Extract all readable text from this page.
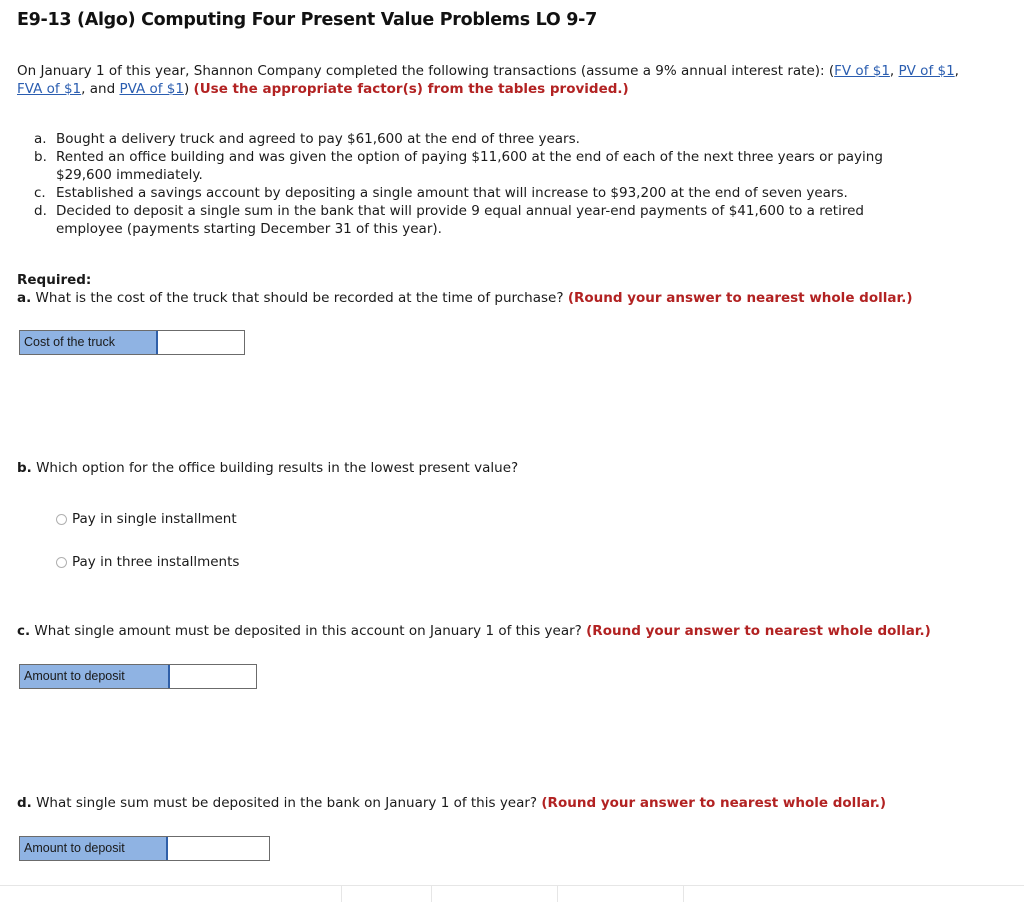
E9-13 (Algo) Computing Four Present Value Problems LO 9-7
On January 1 of this year, Shannon Company completed the following transactions (assume a 9% annual interest rate): (FV of $1, PV of $1, FVA of $1, and PVA of $1) (Use the appropriate factor(s) from the tables provided.)
a. Bought a delivery truck and agreed to pay $61,600 at the end of three years.
b. Rented an office building and was given the option of paying $11,600 at the end of each of the next three years or paying $29,600 immediately.
c. Established a savings account by depositing a single amount that will increase to $93,200 at the end of seven years.
d. Decided to deposit a single sum in the bank that will provide 9 equal annual year-end payments of $41,600 to a retired employee (payments starting December 31 of this year).
Required:
a. What is the cost of the truck that should be recorded at the time of purchase? (Round your answer to nearest whole dollar.)
Cost of the truck
b. Which option for the office building results in the lowest present value?
Pay in single installment
Pay in three installments
c. What single amount must be deposited in this account on January 1 of this year? (Round your answer to nearest whole dollar.)
Amount to deposit
d. What single sum must be deposited in the bank on January 1 of this year? (Round your answer to nearest whole dollar.)
Amount to deposit
